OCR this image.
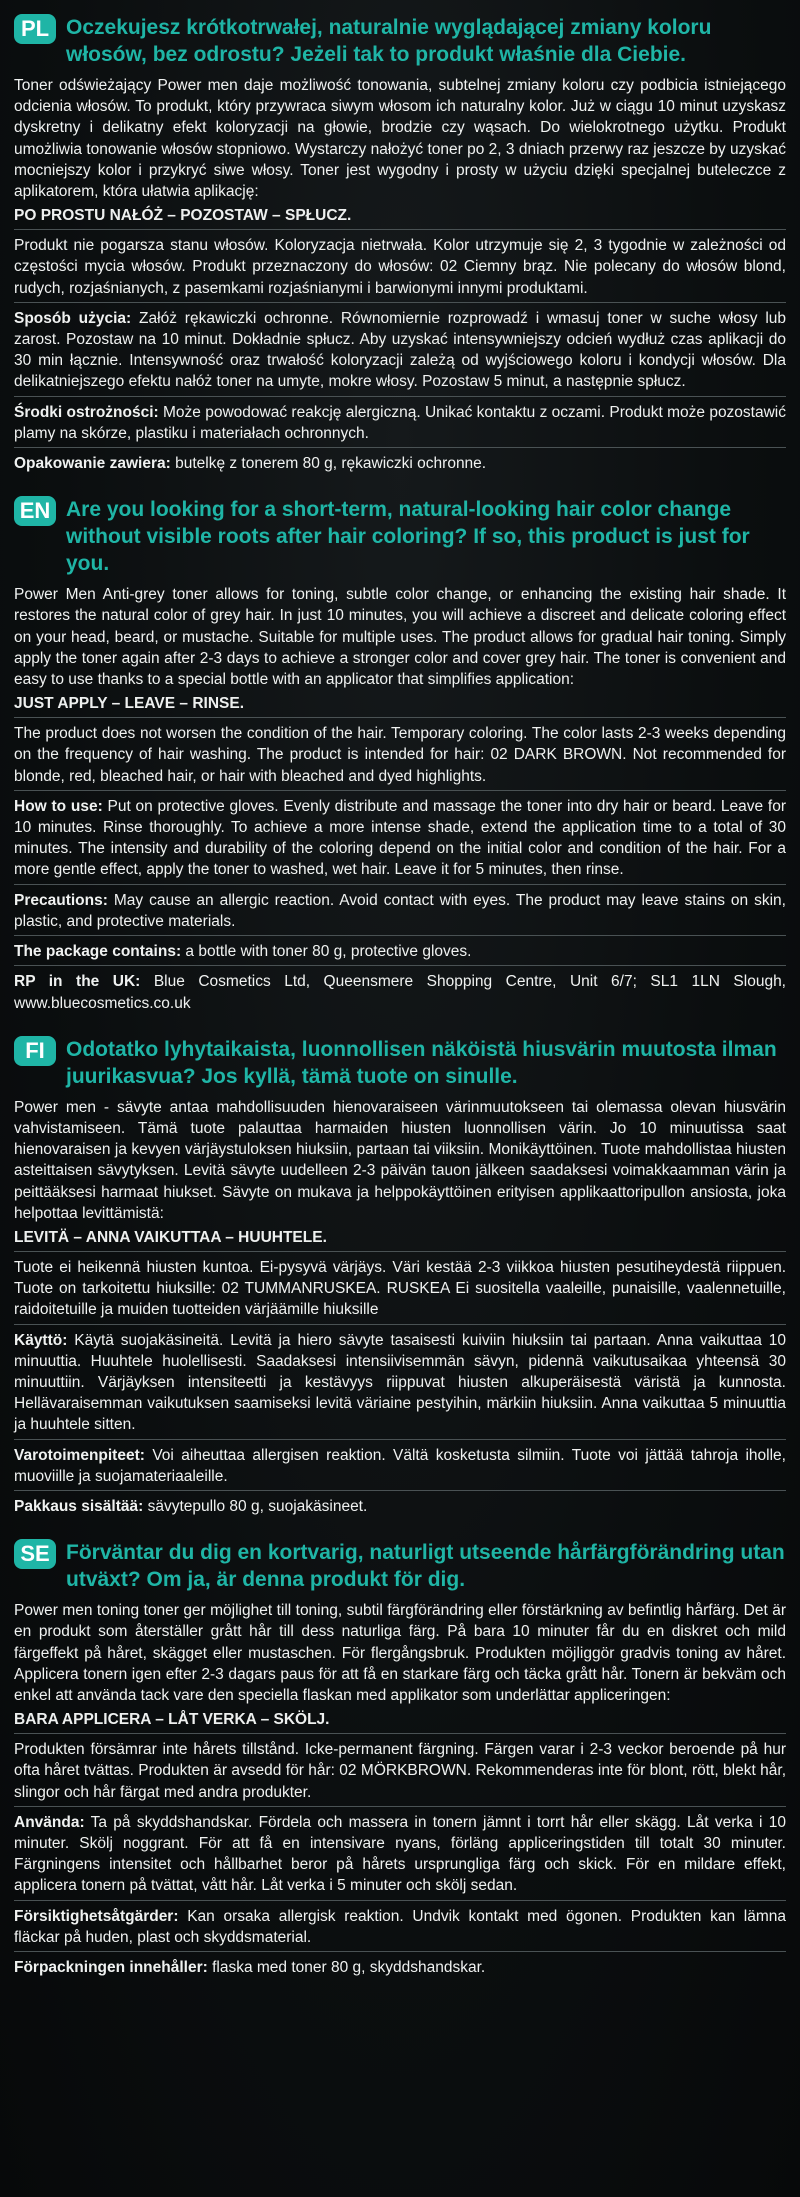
PL Oczekujesz krótkotrwałej, naturalnie wyglądającej zmiany koloru włosów, bez odrostu? Jeżeli tak to produkt właśnie dla Ciebie.

Toner odświeżający Power men daje możliwość tonowania, subtelnej zmiany koloru czy podbicia istniejącego odcienia włosów. To produkt, który przywraca siwym włosom ich naturalny kolor. Już w ciągu 10 minut uzyskasz dyskretny i delikatny efekt koloryzacji na głowie, brodzie czy wąsach. Do wielokrotnego użytku. Produkt umożliwia tonowanie włosów stopniowo. Wystarczy nałożyć toner po 2, 3 dniach przerwy raz jeszcze by uzyskać mocniejszy kolor i przykryć siwe włosy. Toner jest wygodny i prosty w użyciu dzięki specjalnej buteleczce z aplikatorem, która ułatwia aplikację:

PO PROSTU NAŁÓŻ – POZOSTAW – SPŁUCZ.

Produkt nie pogarsza stanu włosów. Koloryzacja nietrwała. Kolor utrzymuje się 2, 3 tygodnie w zależności od częstości mycia włosów. Produkt przeznaczony do włosów: 02 Ciemny brąz. Nie polecany do włosów blond, rudych, rozjaśnianych, z pasemkami rozjaśnianymi i barwionymi innymi produktami.

Sposób użycia: Załóż rękawiczki ochronne. Równomiernie rozprowadź i wmasuj toner w suche włosy lub zarost. Pozostaw na 10 minut. Dokładnie spłucz. Aby uzyskać intensywniejszy odcień wydłuż czas aplikacji do 30 min łącznie. Intensywność oraz trwałość koloryzacji zależą od wyjściowego koloru i kondycji włosów. Dla delikatniejszego efektu nałóż toner na umyte, mokre włosy. Pozostaw 5 minut, a następnie spłucz.

Środki ostrożności: Może powodować reakcję alergiczną. Unikać kontaktu z oczami. Produkt może pozostawić plamy na skórze, plastiku i materiałach ochronnych.

Opakowanie zawiera: butelkę z tonerem 80 g, rękawiczki ochronne.

EN Are you looking for a short-term, natural-looking hair color change without visible roots after hair coloring? If so, this product is just for you.

Power Men Anti-grey toner allows for toning, subtle color change, or enhancing the existing hair shade. It restores the natural color of grey hair. In just 10 minutes, you will achieve a discreet and delicate coloring effect on your head, beard, or mustache. Suitable for multiple uses. The product allows for gradual hair toning. Simply apply the toner again after 2-3 days to achieve a stronger color and cover grey hair. The toner is convenient and easy to use thanks to a special bottle with an applicator that simplifies application:

JUST APPLY – LEAVE – RINSE.

The product does not worsen the condition of the hair. Temporary coloring. The color lasts 2-3 weeks depending on the frequency of hair washing. The product is intended for hair: 02 DARK BROWN. Not recommended for blonde, red, bleached hair, or hair with bleached and dyed highlights.

How to use: Put on protective gloves. Evenly distribute and massage the toner into dry hair or beard. Leave for 10 minutes. Rinse thoroughly. To achieve a more intense shade, extend the application time to a total of 30 minutes. The intensity and durability of the coloring depend on the initial color and condition of the hair. For a more gentle effect, apply the toner to washed, wet hair. Leave it for 5 minutes, then rinse.

Precautions: May cause an allergic reaction. Avoid contact with eyes. The product may leave stains on skin, plastic, and protective materials.

The package contains: a bottle with toner 80 g, protective gloves.

RP in the UK: Blue Cosmetics Ltd, Queensmere Shopping Centre, Unit 6/7; SL1 1LN Slough, www.bluecosmetics.co.uk

FI	Odotatko lyhytaikaista, luonnollisen näköistä hiusvärin muutosta ilman juurikasvua? Jos kyllä, tämä tuote on sinulle.

Power men - sävyte antaa mahdollisuuden hienovaraiseen värinmuutokseen tai olemassa olevan hiusvärin vahvistamiseen. Tämä tuote palauttaa harmaiden hiusten luonnollisen värin. Jo 10 minuutissa saat hienovaraisen ja kevyen värjäystuloksen hiuksiin, partaan tai viiksiin. Monikäyttöinen. Tuote mahdollistaa hiusten asteittaisen sävytyksen. Levitä sävyte uudelleen 2-3 päivän tauon jälkeen saadaksesi voimakkaamman värin ja peittääksesi harmaat hiukset. Sävyte on mukava ja helppokäyttöinen erityisen applikaattoripullon ansiosta, joka helpottaa levittämistä:

LEVITÄ – ANNA VAIKUTTAA – HUUHTELE.

Tuote ei heikennä hiusten kuntoa. Ei-pysyvä värjäys. Väri kestää 2-3 viikkoa hiusten pesutiheydestä riippuen. Tuote on tarkoitettu hiuksille: 02 TUMMANRUSKEA. RUSKEA Ei suositella vaaleille, punaisille, vaalennetuille, raidoitetuille ja muiden tuotteiden värjäämille hiuksille

Käyttö: Käytä suojakäsineitä. Levitä ja hiero sävyte tasaisesti kuiviin hiuksiin tai partaan. Anna vaikuttaa 10 minuuttia. Huuhtele huolellisesti. Saadaksesi intensiivisemmän sävyn, pidennä vaikutusaikaa yhteensä 30 minuuttiin. Värjäyksen intensiteetti ja kestävyys riippuvat hiusten alkuperäisestä väristä ja kunnosta. Hellävaraisemman vaikutuksen saamiseksi levitä väriaine pestyihin, märkiin hiuksiin. Anna vaikuttaa 5 minuuttia ja huuhtele sitten.

Varotoimenpiteet: Voi aiheuttaa allergisen reaktion. Vältä kosketusta silmiin. Tuote voi jättää tahroja iholle, muoviille ja suojamateriaaleille.

Pakkaus sisältää: sävytepullo 80 g, suojakäsineet.

SE Förväntar du dig en kortvarig, naturligt utseende hårfärgförändring utan utväxt? Om ja, är denna produkt för dig.

Power men toning toner ger möjlighet till toning, subtil färgförändring eller förstärkning av befintlig hårfärg. Det är en produkt som återställer grått hår till dess naturliga färg. På bara 10 minuter får du en diskret och mild färgeffekt på håret, skägget eller mustaschen. För flergångsbruk. Produkten möjliggör gradvis toning av håret. Applicera tonern igen efter 2-3 dagars paus för att få en starkare färg och täcka grått hår. Tonern är bekväm och enkel att använda tack vare den speciella flaskan med applikator som underlättar appliceringen:

BARA APPLICERA – LÅT VERKA – SKÖLJ.

Produkten försämrar inte hårets tillstånd. Icke-permanent färgning. Färgen varar i 2-3 veckor beroende på hur ofta håret tvättas. Produkten är avsedd för hår: 02 MÖRKBROWN. Rekommenderas inte för blont, rött, blekt hår, slingor och hår färgat med andra produkter.

Använda: Ta på skyddshandskar. Fördela och massera in tonern jämnt i torrt hår eller skägg. Låt verka i 10 minuter. Skölj noggrant. För att få en intensivare nyans, förläng appliceringstiden till totalt 30 minuter. Färgningens intensitet och hållbarhet beror på hårets ursprungliga färg och skick. För en mildare effekt, applicera tonern på tvättat, vått hår. Låt verka i 5 minuter och skölj sedan.

Försiktighetsåtgärder: Kan orsaka allergisk reaktion. Undvik kontakt med ögonen. Produkten kan lämna fläckar på huden, plast och skyddsmaterial.

Förpackningen innehåller: flaska med toner 80 g, skyddshandskar.
